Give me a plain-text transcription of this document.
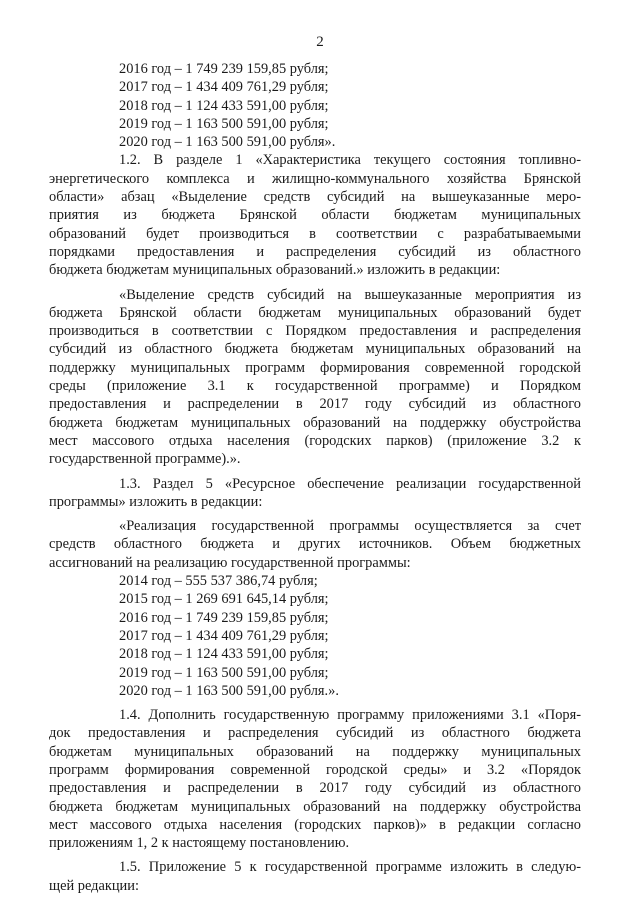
2
2016 год – 1 749 239 159,85 рубля;
2017 год – 1 434 409 761,29 рубля;
2018 год – 1 124 433 591,00 рубля;
2019 год – 1 163 500 591,00 рубля;
2020 год – 1 163 500 591,00 рубля».
1.2. В разделе 1 «Характеристика текущего состояния топливно-
энергетического комплекса и жилищно-коммунального хозяйства Брянской
области» абзац «Выделение средств субсидий на вышеуказанные меро-
приятия из бюджета Брянской области бюджетам муниципальных
образований будет производиться в соответствии с разрабатываемыми
порядками предоставления и распределения субсидий из областного
бюджета бюджетам муниципальных образований.» изложить в редакции:
«Выделение средств субсидий на вышеуказанные мероприятия из
бюджета Брянской области бюджетам муниципальных образований будет
производиться в соответствии с Порядком предоставления и распределения
субсидий из областного бюджета бюджетам муниципальных образований на
поддержку муниципальных программ формирования современной городской
среды (приложение 3.1 к государственной программе) и Порядком
предоставления и распределении в 2017 году субсидий из областного
бюджета бюджетам муниципальных образований на поддержку обустройства
мест массового отдыха населения (городских парков) (приложение 3.2 к
государственной программе).».
1.3. Раздел 5 «Ресурсное обеспечение реализации государственной
программы» изложить в редакции:
«Реализация государственной программы осуществляется за счет
средств областного бюджета и других источников. Объем бюджетных
ассигнований на реализацию государственной программы:
2014 год – 555 537 386,74 рубля;
2015 год – 1 269 691 645,14 рубля;
2016 год – 1 749 239 159,85 рубля;
2017 год – 1 434 409 761,29 рубля;
2018 год – 1 124 433 591,00 рубля;
2019 год – 1 163 500 591,00 рубля;
2020 год – 1 163 500 591,00 рубля.».
1.4. Дополнить государственную программу приложениями 3.1 «Поря-
док предоставления и распределения субсидий из областного бюджета
бюджетам муниципальных образований на поддержку муниципальных
программ формирования современной городской среды» и 3.2 «Порядок
предоставления и распределении в 2017 году субсидий из областного
бюджета бюджетам муниципальных образований на поддержку обустройства
мест массового отдыха населения (городских парков)» в редакции согласно
приложениям 1, 2 к настоящему постановлению.
1.5. Приложение 5 к государственной программе изложить в следую-
щей редакции:
